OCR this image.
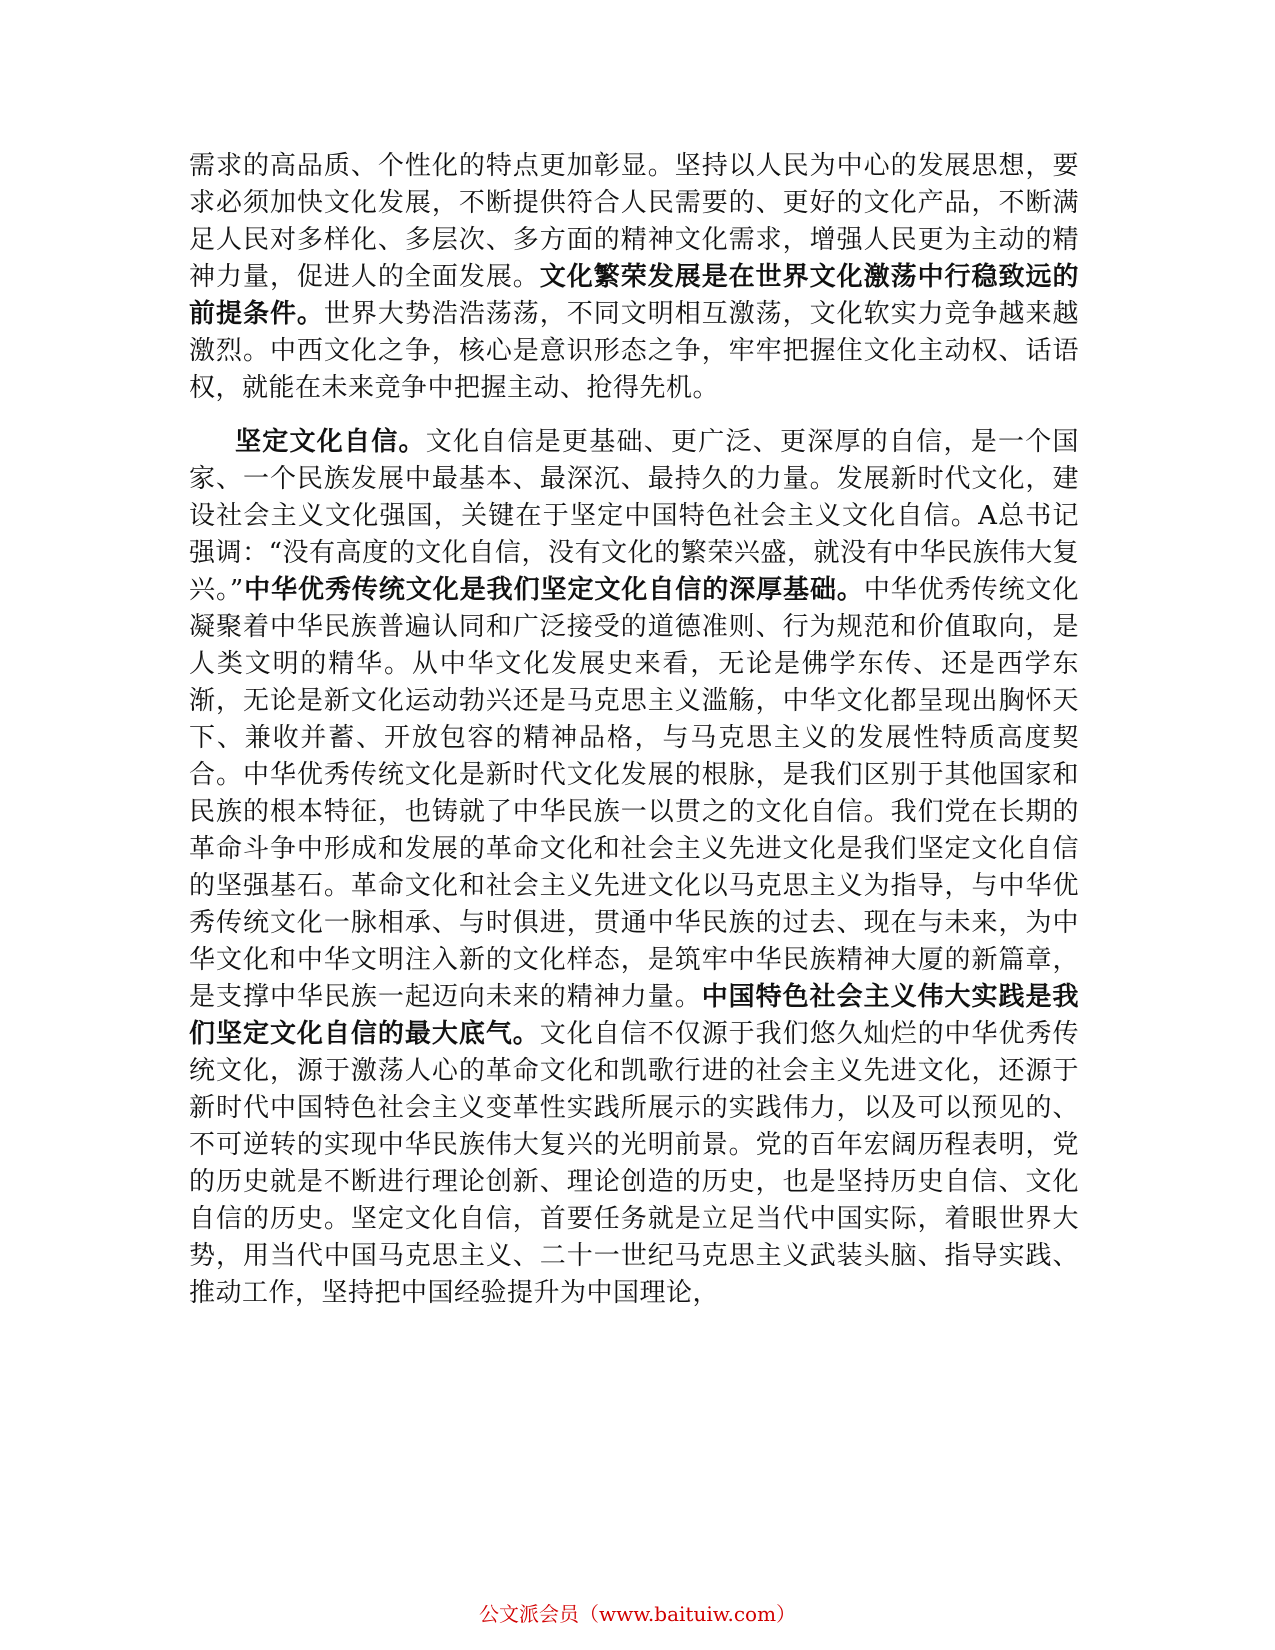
需求的高品质、个性化的特点更加彰显。坚持以人民为中心的发展思想，要求必须加快文化发展，不断提供符合人民需要的、更好的文化产品，不断满足人民对多样化、多层次、多方面的精神文化需求，增强人民更为主动的精神力量，促进人的全面发展。文化繁荣发展是在世界文化激荡中行稳致远的前提条件。世界大势浩浩荡荡，不同文明相互激荡，文化软实力竞争越来越激烈。中西文化之争，核心是意识形态之争，牢牢把握住文化主动权、话语权，就能在未来竞争中把握主动、抢得先机。

坚定文化自信。文化自信是更基础、更广泛、更深厚的自信，是一个国家、一个民族发展中最基本、最深沉、最持久的力量。发展新时代文化，建设社会主义文化强国，关键在于坚定中国特色社会主义文化自信。A总书记强调：“没有高度的文化自信，没有文化的繁荣兴盛，就没有中华民族伟大复兴。”中华优秀传统文化是我们坚定文化自信的深厚基础。中华优秀传统文化凝聚着中华民族普遍认同和广泛接受的道德准则、行为规范和价值取向，是人类文明的精华。从中华文化发展史来看，无论是佛学东传、还是西学东渐，无论是新文化运动勃兴还是马克思主义滥觞，中华文化都呈现出胸怀天下、兼收并蓄、开放包容的精神品格，与马克思主义的发展性特质高度契合。中华优秀传统文化是新时代文化发展的根脉，是我们区别于其他国家和民族的根本特征，也铸就了中华民族一以贯之的文化自信。我们党在长期的革命斗争中形成和发展的革命文化和社会主义先进文化是我们坚定文化自信的坚强基石。革命文化和社会主义先进文化以马克思主义为指导，与中华优秀传统文化一脉相承、与时俱进，贯通中华民族的过去、现在与未来，为中华文化和中华文明注入新的文化样态，是筑牢中华民族精神大厦的新篇章，是支撑中华民族一起迈向未来的精神力量。中国特色社会主义伟大实践是我们坚定文化自信的最大底气。文化自信不仅源于我们悠久灿烂的中华优秀传统文化，源于激荡人心的革命文化和凯歌行进的社会主义先进文化，还源于新时代中国特色社会主义变革性实践所展示的实践伟力，以及可以预见的、不可逆转的实现中华民族伟大复兴的光明前景。党的百年宏阔历程表明，党的历史就是不断进行理论创新、理论创造的历史，也是坚持历史自信、文化自信的历史。坚定文化自信，首要任务就是立足当代中国实际，着眼世界大势，用当代中国马克思主义、二十一世纪马克思主义武装头脑、指导实践、推动工作，坚持把中国经验提升为中国理论，

公文派会员（www.baituiw.com）
